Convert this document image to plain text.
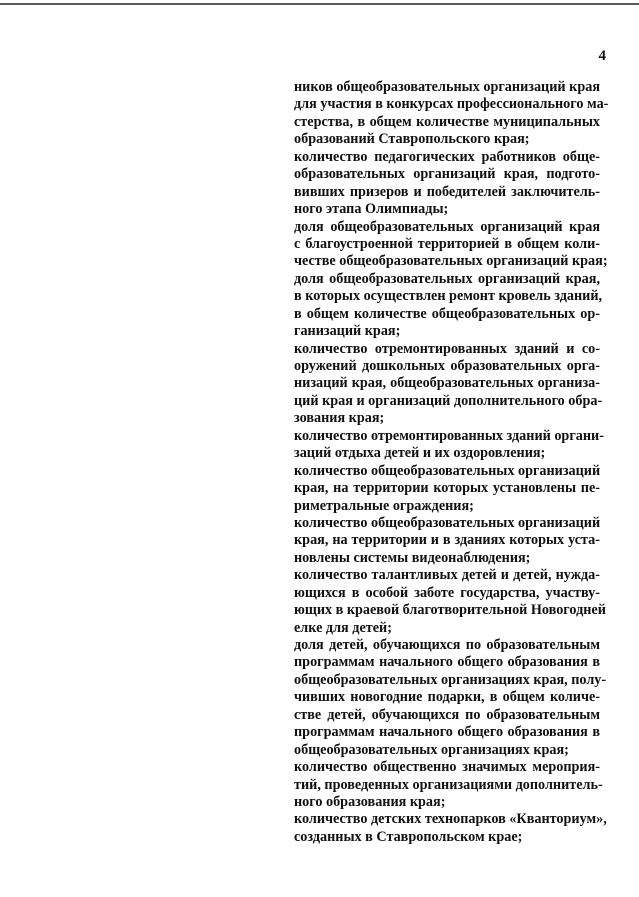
4
ников общеобразовательных организаций края
для участия в конкурсах профессионального ма-
стерства, в общем количестве муниципальных
образований Ставропольского края;
количество педагогических работников обще-
образовательных организаций края, подгото-
вивших призеров и победителей заключитель-
ного этапа Олимпиады;
доля общеобразовательных организаций края
с благоустроенной территорией в общем коли-
честве общеобразовательных организаций края;
доля общеобразовательных организаций края,
в которых осуществлен ремонт кровель зданий,
в общем количестве общеобразовательных ор-
ганизаций края;
количество отремонтированных зданий и со-
оружений дошкольных образовательных орга-
низаций края, общеобразовательных организа-
ций края и организаций дополнительного обра-
зования края;
количество отремонтированных зданий органи-
заций отдыха детей и их оздоровления;
количество общеобразовательных организаций
края, на территории которых установлены пе-
риметральные ограждения;
количество общеобразовательных организаций
края, на территории и в зданиях которых уста-
новлены системы видеонаблюдения;
количество талантливых детей и детей, нужда-
ющихся в особой заботе государства, участву-
ющих в краевой благотворительной Новогодней
елке для детей;
доля детей, обучающихся по образовательным
программам начального общего образования в
общеобразовательных организациях края, полу-
чивших новогодние подарки, в общем количе-
стве детей, обучающихся по образовательным
программам начального общего образования в
общеобразовательных организациях края;
количество общественно значимых мероприя-
тий, проведенных организациями дополнитель-
ного образования края;
количество детских технопарков «Кванториум»,
созданных в Ставропольском крае;
